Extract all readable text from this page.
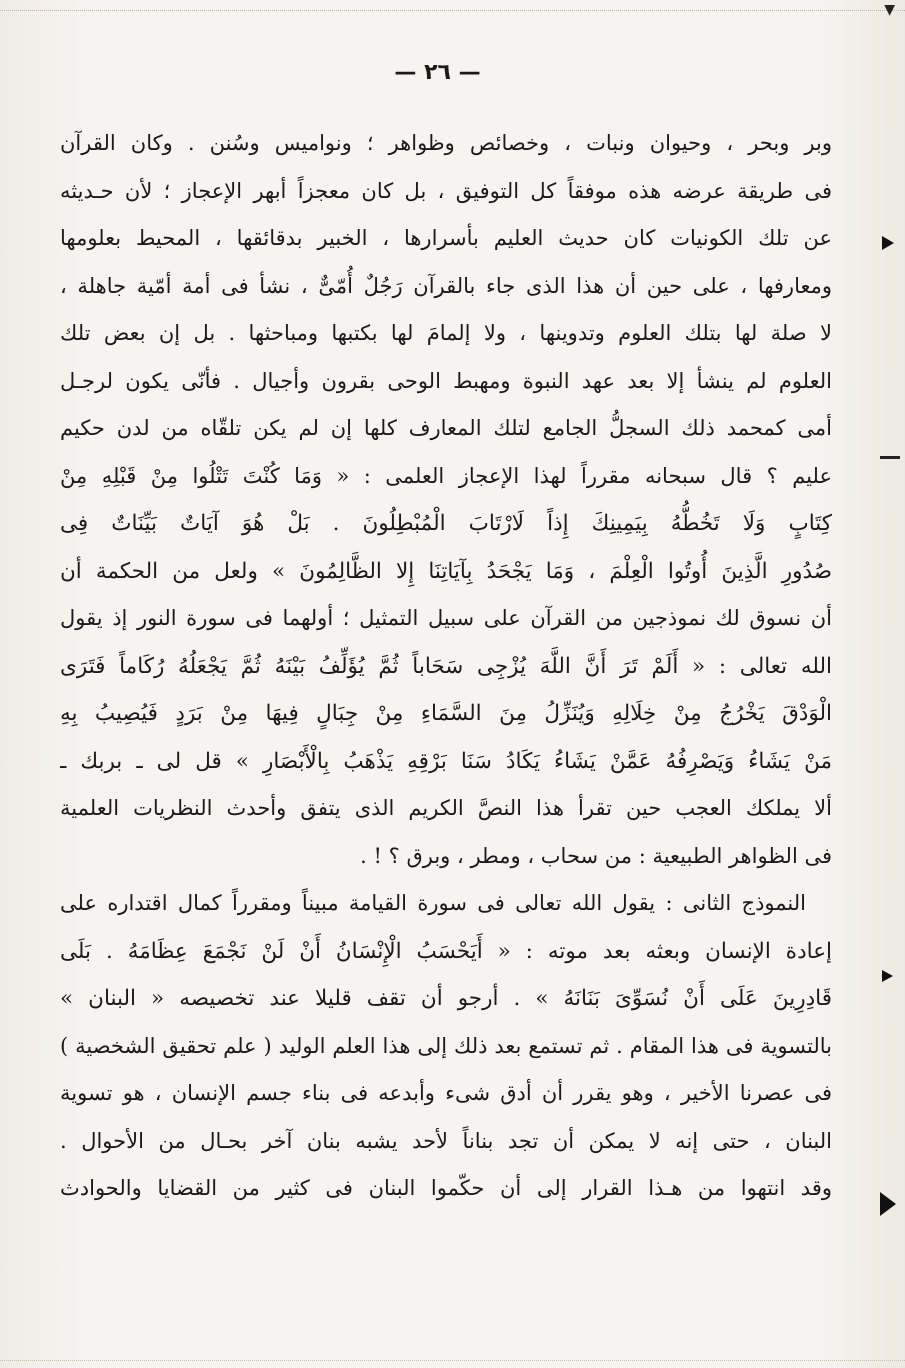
▼
— ٢٦ —
وبر وبحر ، وحيوان ونبات ، وخصائص وظواهر ؛ ونواميس وسُنن . وكان القرآن
فى طريقة عرضه هذه موفقاً كل التوفيق ، بل كان معجزاً أبهر الإعجاز ؛ لأن حـديثه
عن تلك الكونيات كان حديث العليم بأسرارها ، الخبير بدقائقها ، المحيط بعلومها
ومعارفها ، على حين أن هذا الذى جاء بالقرآن رَجُلٌ أُمّىٌّ ، نشأ فى أمة أمّية جاهلة ،
لا صلة لها بتلك العلوم وتدوينها ، ولا إلمامَ لها بكتبها ومباحثها . بل إن بعض تلك
العلوم لم ينشأ إلا بعد عهد النبوة ومهبط الوحى بقرون وأجيال . فأنّى يكون لرجـل
أمى كمحمد ذلك السجلُّ الجامع لتلك المعارف كلها إن لم يكن تلقّاه من لدن حكيم
عليم ؟ قال سبحانه مقرراً لهذا الإعجاز العلمى : « وَمَا كُنْتَ تَتْلُوا مِنْ قَبْلِهِ مِنْ
كِتَابٍ وَلَا تَخُطُّهُ بِيَمِينِكَ إِذاً لَارْتَابَ الْمُبْطِلُونَ . بَلْ هُوَ آيَاتٌ بَيِّنَاتٌ فِى
صُدُورِ الَّذِينَ أُوتُوا الْعِلْمَ ، وَمَا يَجْحَدُ بِآيَاتِنَا إِلا الظَّالِمُونَ » ولعل من الحكمة أن
أن نسوق لك نموذجين من القرآن على سبيل التمثيل ؛ أولهما فى سورة النور إذ يقول
الله تعالى : « أَلَمْ تَرَ أَنَّ اللَّهَ يُزْجِى سَحَاباً ثُمَّ يُؤَلِّفُ بَيْنَهُ ثُمَّ يَجْعَلُهُ رُكَاماً فَتَرَى
الْوَدْقَ يَخْرُجُ مِنْ خِلَالِهِ وَيُنَزِّلُ مِنَ السَّمَاءِ مِنْ جِبَالٍ فِيهَا مِنْ بَرَدٍ فَيُصِيبُ بِهِ
مَنْ يَشَاءُ وَيَصْرِفُهُ عَمَّنْ يَشَاءُ يَكَادُ سَنَا بَرْقِهِ يَذْهَبُ بِالْأَبْصَارِ » قل لى ـ بربك ـ
ألا يملكك العجب حين تقرأ هذا النصَّ الكريم الذى يتفق وأحدث النظريات العلمية
فى الظواهر الطبيعية : من سحاب ، ومطر ، وبرق ؟ ! .
النموذج الثانى : يقول الله تعالى فى سورة القيامة مبيناً ومقرراً كمال اقتداره على
إعادة الإنسان وبعثه بعد موته : « أَيَحْسَبُ الْإِنْسَانُ أَنْ لَنْ نَجْمَعَ عِظَامَهُ . بَلَى
قَادِرِينَ عَلَى أَنْ نُسَوِّىَ بَنَانَهُ » . أرجو أن تقف قليلا عند تخصيصه « البنان »
بالتسوية فى هذا المقام . ثم تستمع بعد ذلك إلى هذا العلم الوليد ( علم تحقيق الشخصية )
فى عصرنا الأخير ، وهو يقرر أن أدق شىء وأبدعه فى بناء جسم الإنسان ، هو تسوية
البنان ، حتى إنه لا يمكن أن تجد بناناً لأحد يشبه بنان آخر بحـال من الأحوال .
وقد انتهوا من هـذا القرار إلى أن حكّموا البنان فى كثير من القضايا والحوادث
